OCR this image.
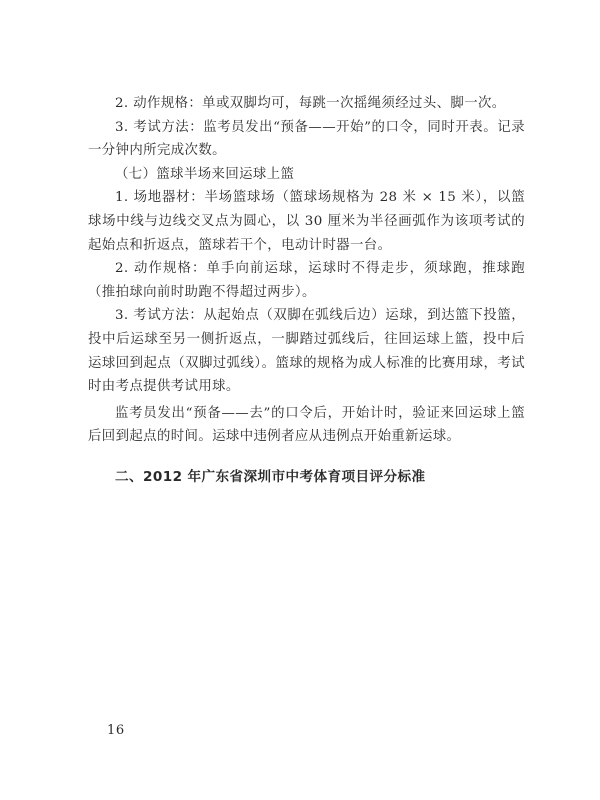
2. 动作规格：单或双脚均可，每跳一次摇绳须经过头、脚一次。

3. 考试方法：监考员发出“预备——开始”的口令，同时开表。记录一分钟内所完成次数。

（七）篮球半场来回运球上篮

1. 场地器材：半场篮球场（篮球场规格为 28 米 × 15 米），以篮球场中线与边线交叉点为圆心，以 30 厘米为半径画弧作为该项考试的起始点和折返点，篮球若干个，电动计时器一台。

2. 动作规格：单手向前运球，运球时不得走步，须球跑，推球跑（推拍球向前时助跑不得超过两步）。

3. 考试方法：从起始点（双脚在弧线后边）运球，到达篮下投篮，投中后运球至另一侧折返点，一脚踏过弧线后，往回运球上篮，投中后运球回到起点（双脚过弧线）。篮球的规格为成人标准的比赛用球，考试时由考点提供考试用球。

监考员发出“预备——去”的口令后，开始计时，验证来回运球上篮后回到起点的时间。运球中违例者应从违例点开始重新运球。

二、2012 年广东省深圳市中考体育项目评分标准

16
